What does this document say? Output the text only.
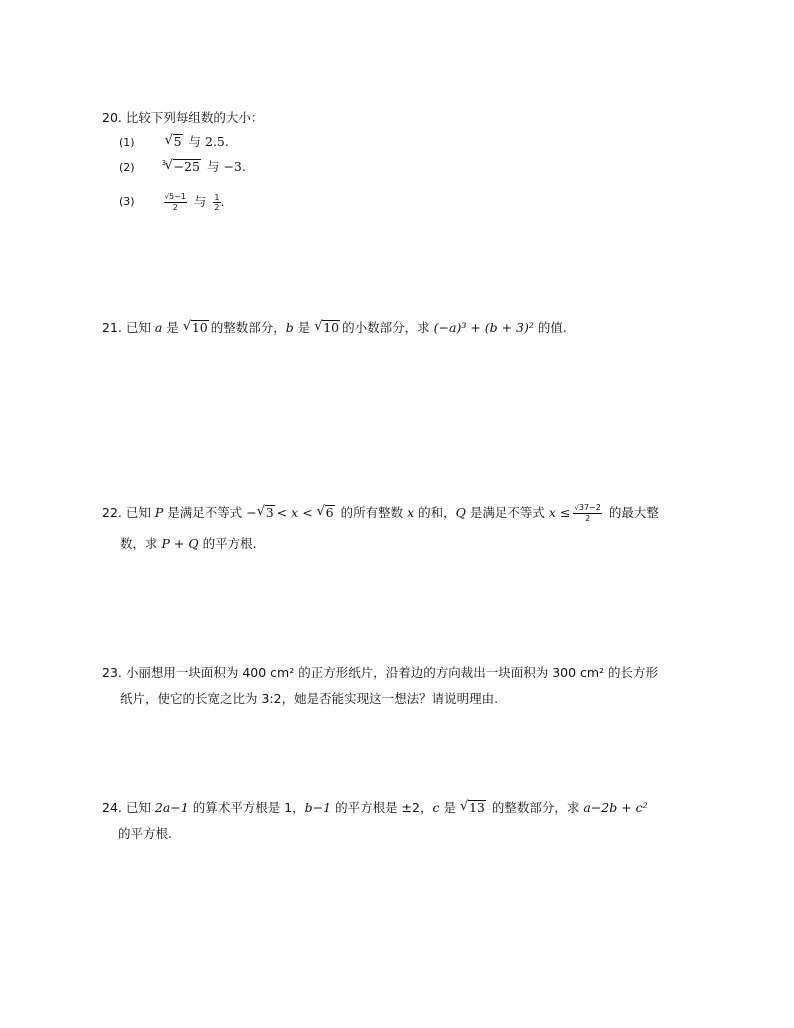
20. 比较下列每组数的大小：
(1)	√ 5 与 2.5.
(2)	3 √ −25 与 −3.
(3)	$\frac{√5-1}{2}$ 与 $\frac{1}{2}$ .
21. 已知 a 是 √ 10 的整数部分，b 是 √ 10 的小数部分，求 (−a)³ + (b + 3)² 的值.
22. 已知 P 是满足不等式 − √ 3 < x < √ 6 的所有整数 x 的和，Q 是满足不等式 $x \le \frac{√37-2}{2}$ 的最大整
数，求 P + Q 的平方根.
23. 小丽想用一块面积为 400 cm² 的正方形纸片，沿着边的方向裁出一块面积为 300 cm² 的长方形
纸片，使它的长宽之比为 3:2，她是否能实现这一想法？请说明理由.
24. 已知 2a−1 的算术平方根是 1，b−1 的平方根是 ±2，c 是 √ 13 的整数部分，求 a−2b + c²
的平方根.
